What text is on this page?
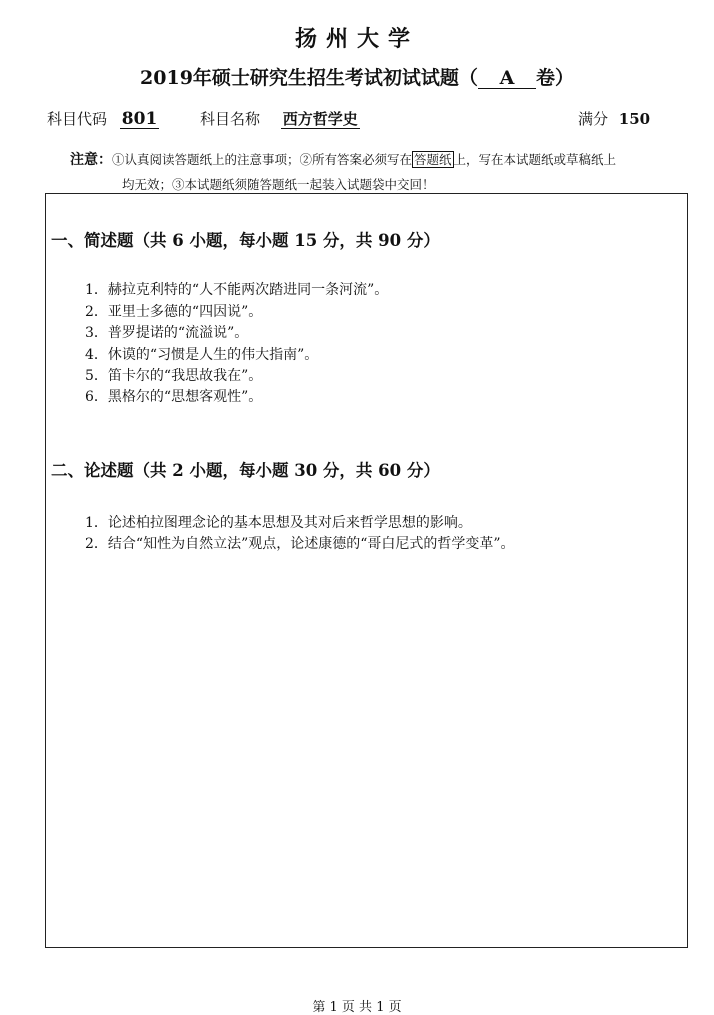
扬州大学
2019年硕士研究生招生考试初试试题（ A 卷）
科目代码 801	科目名称 西方哲学史	满分 150
注意：①认真阅读答题纸上的注意事项；②所有答案必须写在 答题纸 上，写在本试题纸或草稿纸上
均无效；③本试题纸须随答题纸一起装入试题袋中交回！
一、简述题（共 6 小题，每小题 15 分，共 90 分）
1．赫拉克利特的“人不能两次踏进同一条河流”。
2．亚里士多德的“四因说”。
3．普罗提诺的“流溢说”。
4．休谟的“习惯是人生的伟大指南”。
5．笛卡尔的“我思故我在”。
6．黑格尔的“思想客观性”。
二、论述题（共 2 小题，每小题 30 分，共 60 分）
1．论述柏拉图理念论的基本思想及其对后来哲学思想的影响。
2．结合“知性为自然立法”观点，论述康德的“哥白尼式的哲学变革”。
第 1 页 共 1 页
